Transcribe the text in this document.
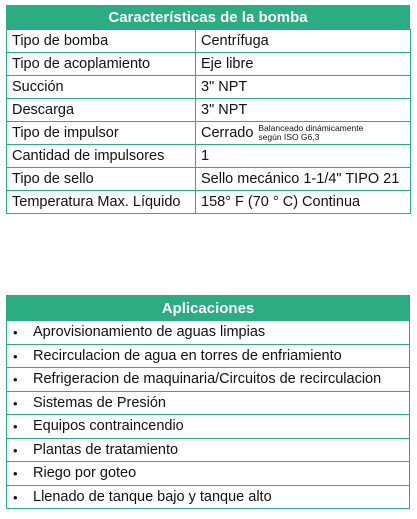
Características de la bomba
Tipo de bomba	Centrífuga
Tipo de acoplamiento	Eje libre
Succión	3" NPT
Descarga	3" NPT
Tipo de impulsor	Cerrado Balanceado dinámicamente
según ISO G6,3
Cantidad de impulsores	1
Tipo de sello	Sello mecánico 1-1/4" TIPO 21
Temperatura Max. Líquido	158° F (70 ° C) Continua
Aplicaciones
• Aprovisionamiento de aguas limpias
• Recirculacion de agua en torres de enfriamiento
• Refrigeracion de maquinaria/Circuitos de recirculacion
• Sistemas de Presión
• Equipos contraincendio
• Plantas de tratamiento
• Riego por goteo
• Llenado de tanque bajo y tanque alto
